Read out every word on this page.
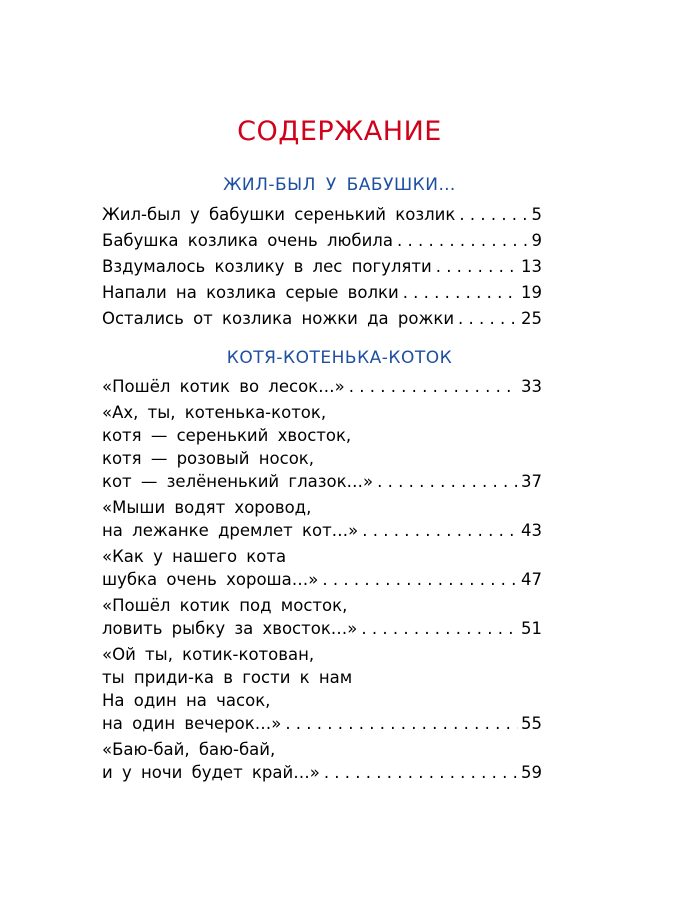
СОДЕРЖАНИЕ
ЖИЛ-БЫЛ У БАБУШКИ…
Жил-был у бабушки серенький козлик . . .	5
Бабушка козлика очень любила . . .	9
Вздумалось козлику в лес погуляти . . .	13
Напали на козлика серые волки . . .	19
Остались от козлика ножки да рожки . . .	25
КОТЯ-КОТЕНЬКА-КОТОК
«Пошёл котик во лесок…» . . .	33
«Ах, ты, котенька-коток,
котя — серенький хвосток,
котя — розовый носок,
кот — зелёненький глазок…» . . .	37
«Мыши водят хоровод,
на лежанке дремлет кот…» . . .	43
«Как у нашего кота
шубка очень хороша…» . . .	47
«Пошёл котик под мосток,
ловить рыбку за хвосток…» . . .	51
«Ой ты, котик-котован,
ты приди-ка в гости к нам
На один на часок,
на один вечерок…» . . .	55
«Баю-бай, баю-бай,
и у ночи будет край…» . . .	59
